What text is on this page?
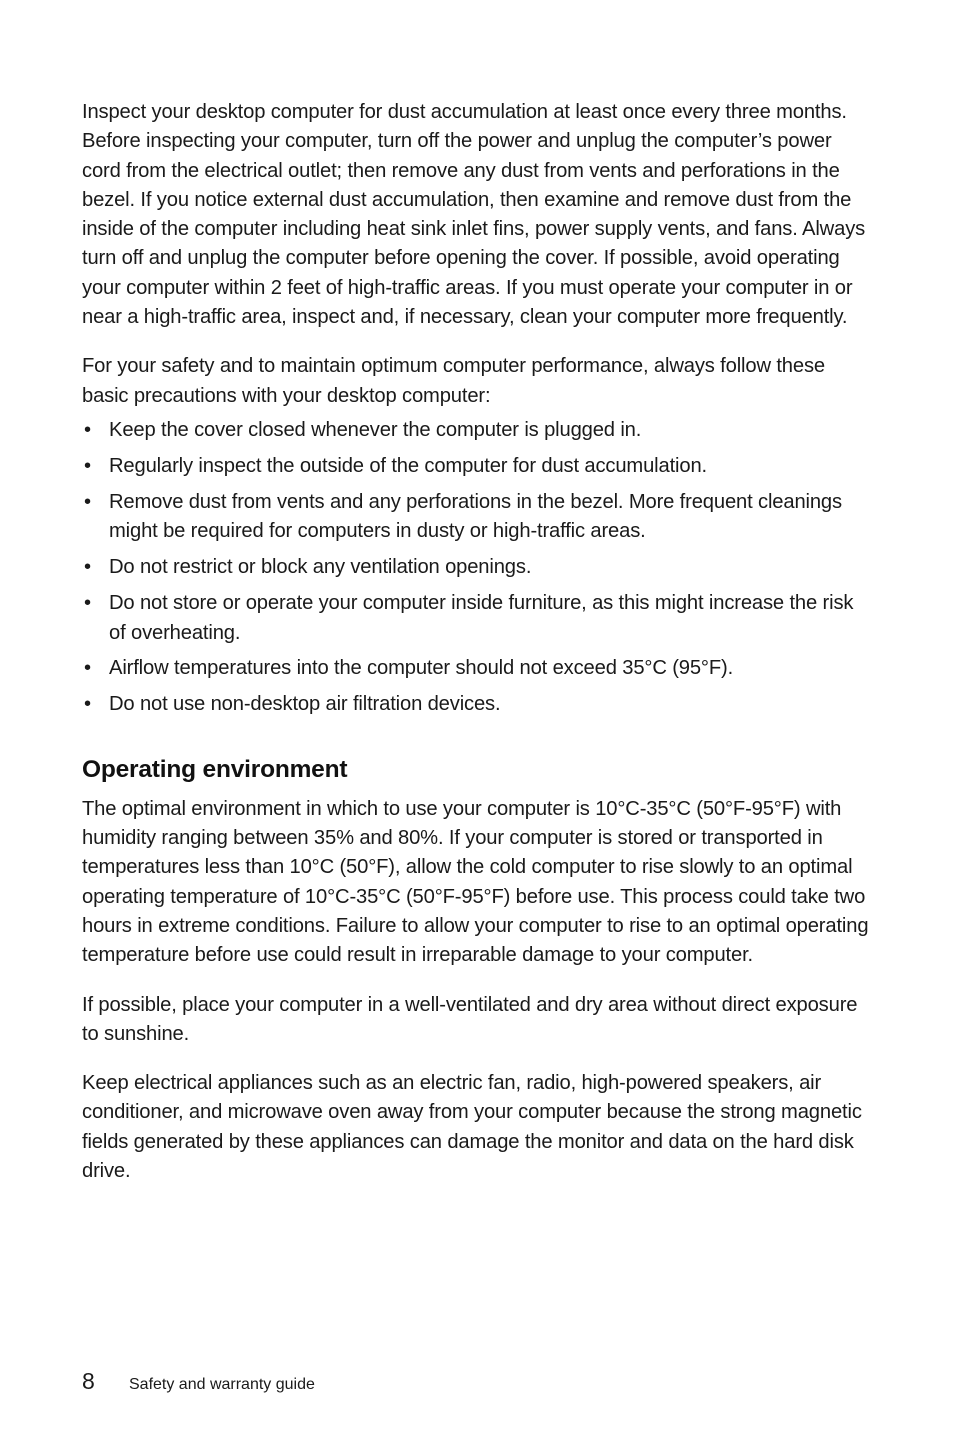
Inspect your desktop computer for dust accumulation at least once every three months. Before inspecting your computer, turn off the power and unplug the computer’s power cord from the electrical outlet; then remove any dust from vents and perforations in the bezel. If you notice external dust accumulation, then examine and remove dust from the inside of the computer including heat sink inlet fins, power supply vents, and fans. Always turn off and unplug the computer before opening the cover. If possible, avoid operating your computer within 2 feet of high-traffic areas. If you must operate your computer in or near a high-traffic area, inspect and, if necessary, clean your computer more frequently.

For your safety and to maintain optimum computer performance, always follow these basic precautions with your desktop computer:

• Keep the cover closed whenever the computer is plugged in.
• Regularly inspect the outside of the computer for dust accumulation.
• Remove dust from vents and any perforations in the bezel. More frequent cleanings might be required for computers in dusty or high-traffic areas.
• Do not restrict or block any ventilation openings.
• Do not store or operate your computer inside furniture, as this might increase the risk of overheating.
• Airflow temperatures into the computer should not exceed 35°C (95°F).
• Do not use non-desktop air filtration devices.
Operating environment

The optimal environment in which to use your computer is 10°C-35°C (50°F-95°F) with humidity ranging between 35% and 80%. If your computer is stored or transported in temperatures less than 10°C (50°F), allow the cold computer to rise slowly to an optimal operating temperature of 10°C-35°C (50°F-95°F) before use. This process could take two hours in extreme conditions. Failure to allow your computer to rise to an optimal operating temperature before use could result in irreparable damage to your computer.

If possible, place your computer in a well-ventilated and dry area without direct exposure to sunshine.

Keep electrical appliances such as an electric fan, radio, high-powered speakers, air conditioner, and microwave oven away from your computer because the strong magnetic fields generated by these appliances can damage the monitor and data on the hard disk drive.

8	Safety and warranty guide
